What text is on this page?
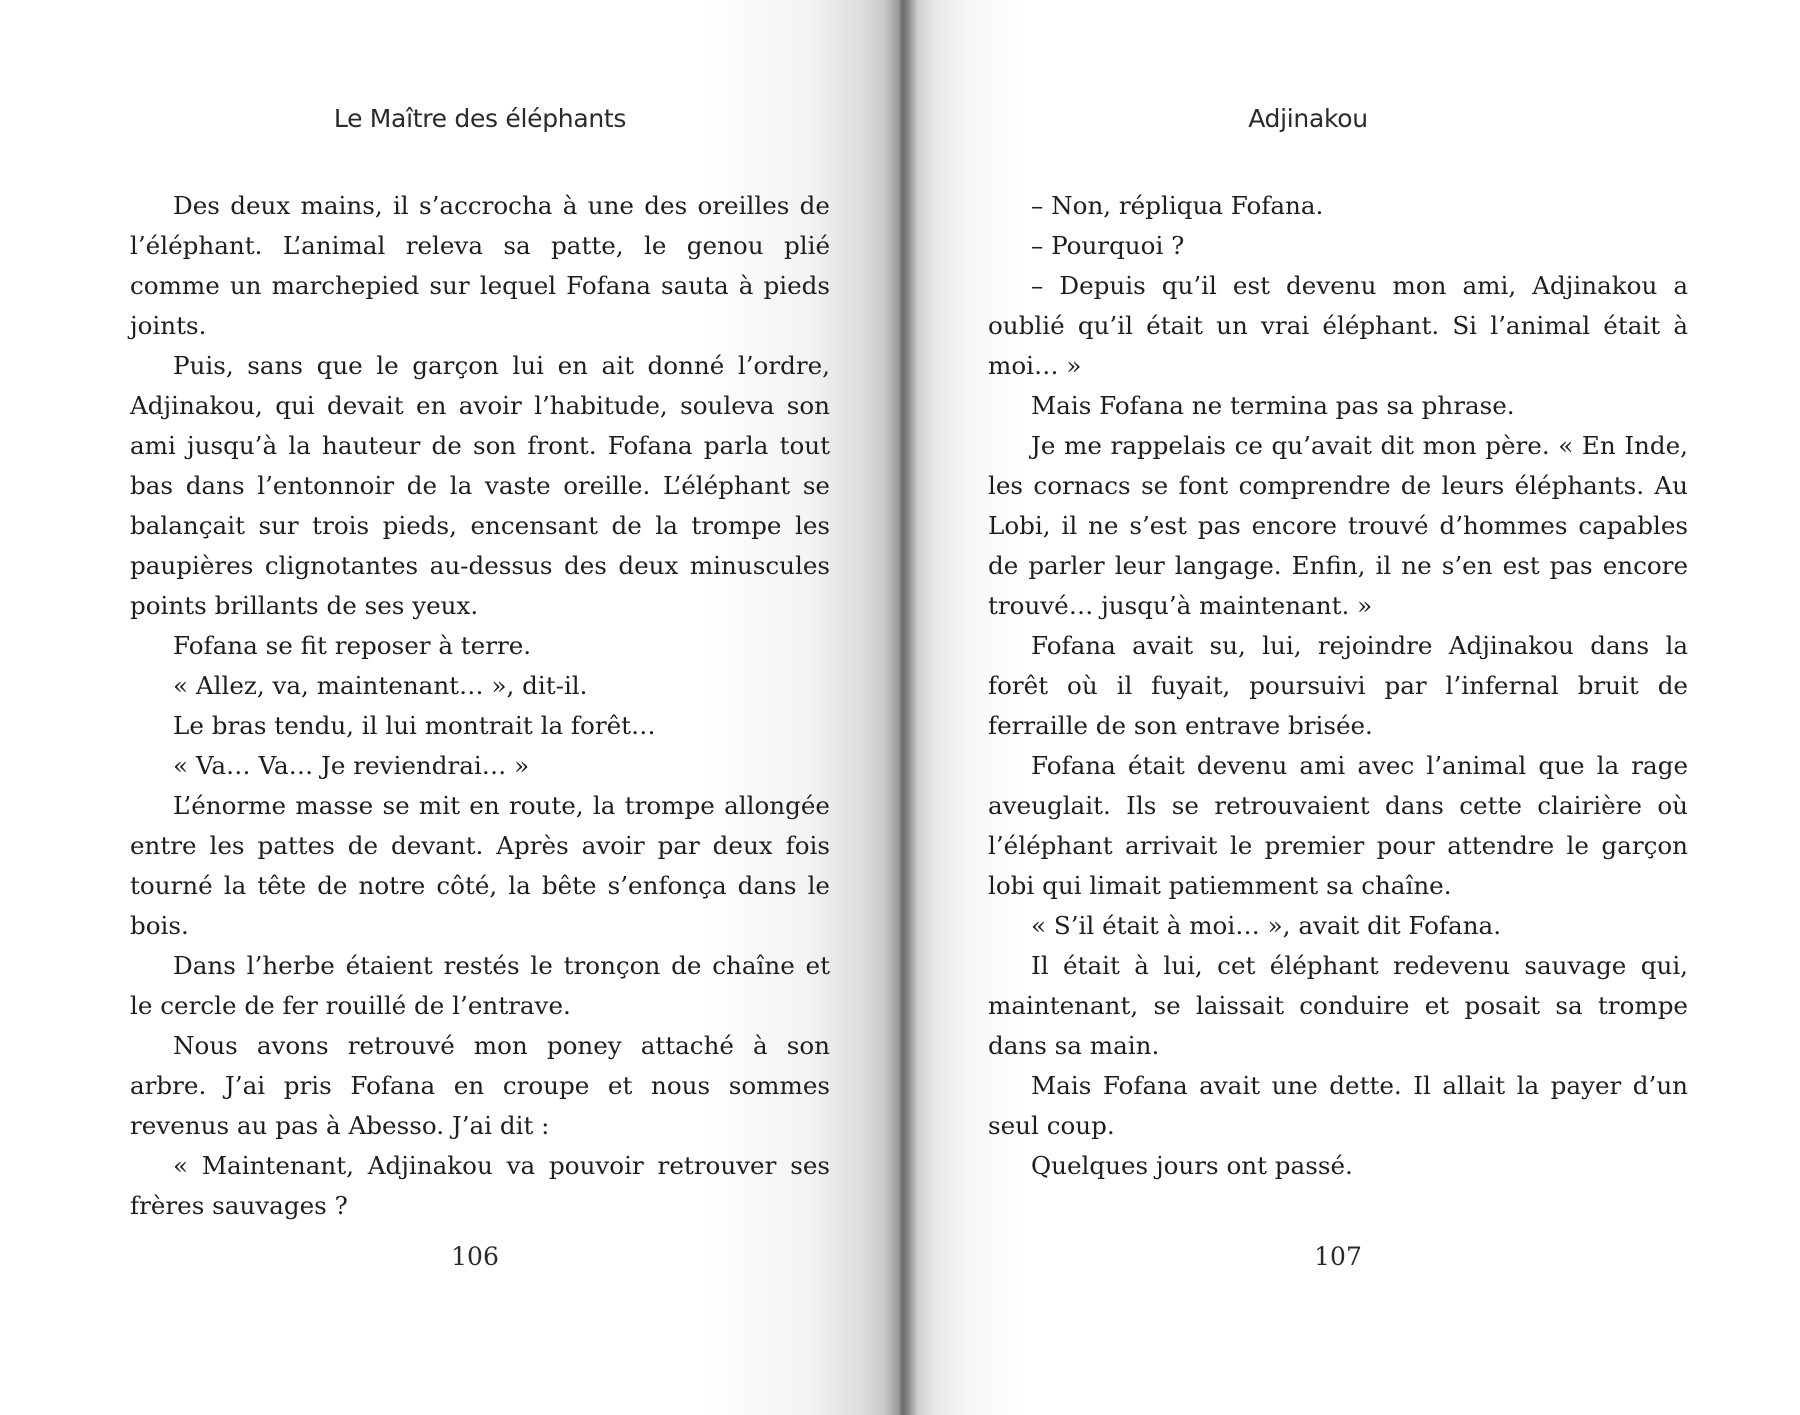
Le Maître des éléphants

Des deux mains, il s’accrocha à une des oreilles de l’éléphant. L’animal releva sa patte, le genou plié comme un marchepied sur lequel Fofana sauta à pieds joints.

Puis, sans que le garçon lui en ait donné l’ordre, Adjinakou, qui devait en avoir l’habitude, souleva son ami jusqu’à la hauteur de son front. Fofana parla tout bas dans l’entonnoir de la vaste oreille. L’éléphant se balançait sur trois pieds, encensant de la trompe les paupières clignotantes au-dessus des deux minuscules points brillants de ses yeux.

Fofana se fit reposer à terre.

« Allez, va, maintenant… », dit-il.

Le bras tendu, il lui montrait la forêt…

« Va… Va… Je reviendrai… »

L’énorme masse se mit en route, la trompe allongée entre les pattes de devant. Après avoir par deux fois tourné la tête de notre côté, la bête s’enfonça dans le bois.

Dans l’herbe étaient restés le tronçon de chaîne et le cercle de fer rouillé de l’entrave.

Nous avons retrouvé mon poney attaché à son arbre. J’ai pris Fofana en croupe et nous sommes revenus au pas à Abesso. J’ai dit :

« Maintenant, Adjinakou va pouvoir retrouver ses frères sauvages ?

106
Adjinakou

– Non, répliqua Fofana.

– Pourquoi ?

– Depuis qu’il est devenu mon ami, Adjinakou a oublié qu’il était un vrai éléphant. Si l’animal était à moi… »

Mais Fofana ne termina pas sa phrase.

Je me rappelais ce qu’avait dit mon père. « En Inde, les cornacs se font comprendre de leurs éléphants. Au Lobi, il ne s’est pas encore trouvé d’hommes capables de parler leur langage. Enfin, il ne s’en est pas encore trouvé… jusqu’à maintenant. »

Fofana avait su, lui, rejoindre Adjinakou dans la forêt où il fuyait, poursuivi par l’infernal bruit de ferraille de son entrave brisée.

Fofana était devenu ami avec l’animal que la rage aveuglait. Ils se retrouvaient dans cette clairière où l’éléphant arrivait le premier pour attendre le garçon lobi qui limait patiemment sa chaîne.

« S’il était à moi… », avait dit Fofana.

Il était à lui, cet éléphant redevenu sauvage qui, maintenant, se laissait conduire et posait sa trompe dans sa main.

Mais Fofana avait une dette. Il allait la payer d’un seul coup.

Quelques jours ont passé.

107
